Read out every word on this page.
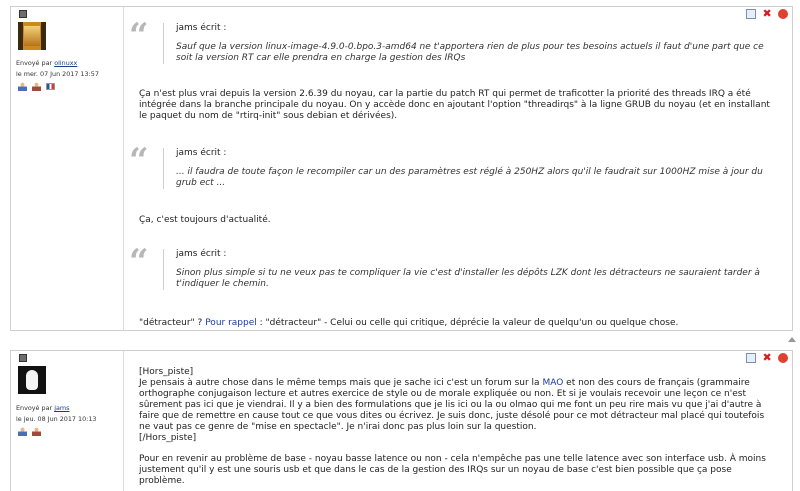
Envoyé par olinuxx
le mer. 07 Jun 2017 13:57

✖
“	jams écrit :
Sauf que la version linux-image-4.9.0-0.bpo.3-amd64 ne t'apportera rien de plus pour tes besoins actuels il faut d'une part que ce soit la version RT car elle prendra en charge la gestion des IRQs
Ça n'est plus vrai depuis la version 2.6.39 du noyau, car la partie du patch RT qui permet de traficotter la priorité des threads IRQ a été intégrée dans la branche principale du noyau. On y accède donc en ajoutant l'option "threadirqs" à la ligne GRUB du noyau (et en installant le paquet du nom de "rtirq-init" sous debian et dérivées).
“	jams écrit :
... il faudra de toute façon le recompiler car un des paramètres est réglé à 250HZ alors qu'il le faudrait sur 1000HZ mise à jour du grub ect ...
Ça, c'est toujours d'actualité.
“	jams écrit :
Sinon plus simple si tu ne veux pas te compliquer la vie c'est d'installer les dépôts LZK dont les détracteurs ne sauraient tarder à t'indiquer le chemin.
"détracteur" ? Pour rappel : "détracteur" - Celui ou celle qui critique, déprécie la valeur de quelqu'un ou quelque chose.
Envoyé par jams
le jeu. 08 Jun 2017 10:13

✖
[Hors_piste]
Je pensais à autre chose dans le même temps mais que je sache ici c'est un forum sur la MAO et non des cours de français (grammaire orthographe conjugaison lecture et autres exercice de style ou de morale expliquée ou non. Et si je voulais recevoir une leçon ce n'est sûrement pas ici que je viendrai. Il y a bien des formulations que je lis ici ou la ou olmao qui me font un peu rire mais vu que j'ai d'autre à faire que de remettre en cause tout ce que vous dites ou écrivez. Je suis donc, juste désolé pour ce mot détracteur mal placé qui toutefois ne vaut pas ce genre de "mise en spectacle". Je n'irai donc pas plus loin sur la question.
[/Hors_piste]
Pour en revenir au problème de base - noyau basse latence ou non - cela n'empêche pas une telle latence avec son interface usb. À moins justement qu'il y est une souris usb et que dans le cas de la gestion des IRQs sur un noyau de base c'est bien possible que ça pose problème.
